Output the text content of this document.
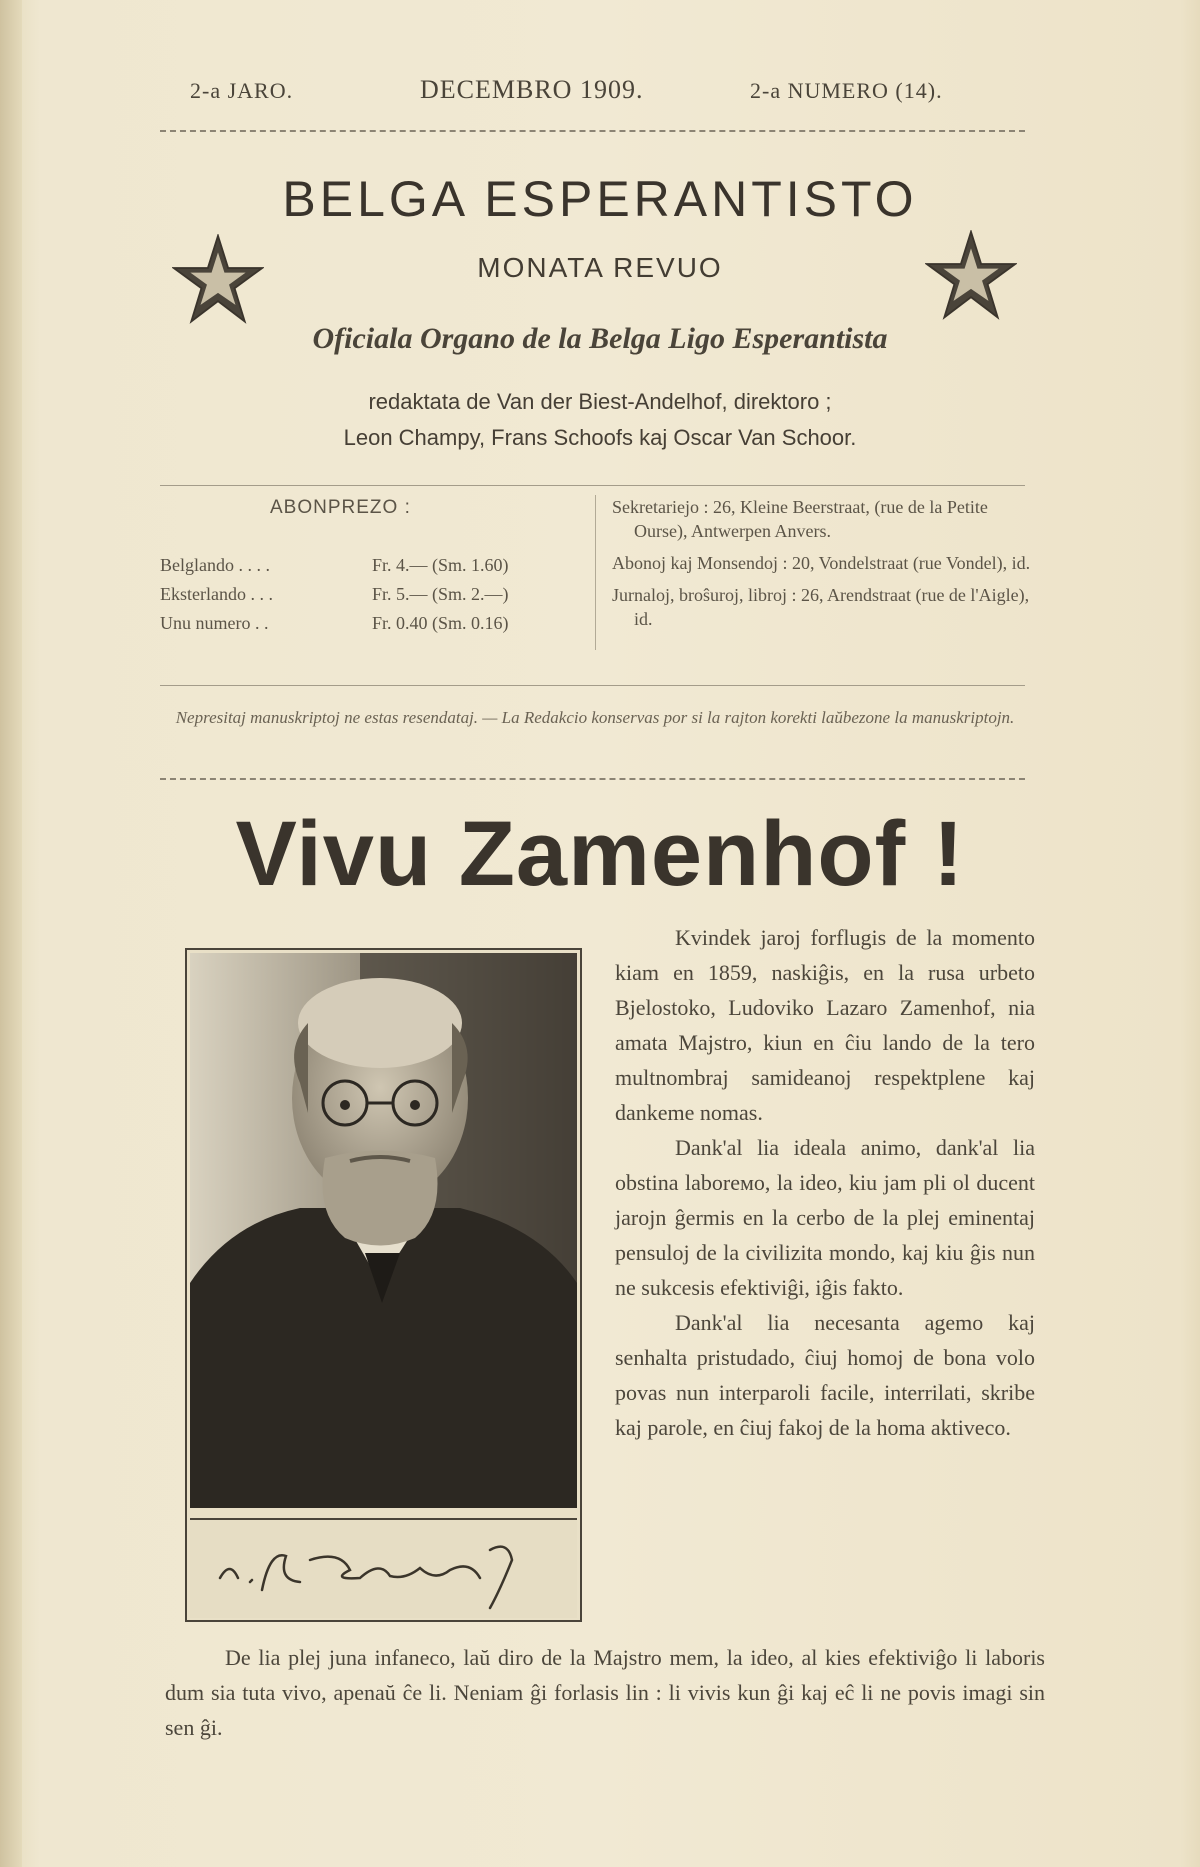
2-a JARO.	DECEMBRO 1909.	2-a NUMERO (14).
BELGA ESPERANTISTO
MONATA REVUO
Oficiala Organo de la Belga Ligo Esperantista
redaktata de Van der Biest-Andelhof, direktoro ;
Leon Champy, Frans Schoofs kaj Oscar Van Schoor.
ABONPREZO :
Belglando . . . .	Fr. 4.— (Sm. 1.60)
Eksterlando . . .	Fr. 5.— (Sm. 2.—)
Unu numero . .	Fr. 0.40 (Sm. 0.16)

Sekretariejo : 26, Kleine Beerstraat, (rue de la Petite Ourse), Antwerpen Anvers.

Abonoj kaj Monsendoj : 20, Vondelstraat (rue Vondel), id.

Jurnaloj, broŝuroj, libroj : 26, Arendstraat (rue de l'Aigle), id.

Nepresitaj manuskriptoj ne estas resendataj. — La Redakcio konservas por si la rajton korekti laŭbezone la manuskriptojn.
Vivu Zamenhof !

Kvindek jaroj forflugis de la momento kiam en 1859, naskiĝis, en la rusa urbeto Bjelostoko, Ludoviko Lazaro Zamenhof, nia amata Majstro, kiun en ĉiu lando de la tero multnombraj samideanoj respektplene kaj dankeme nomas.

Dank'al lia ideala animo, dank'al lia obstina laborемo, la ideo, kiu jam pli ol ducent jarojn ĝermis en la cerbo de la plej eminentaj pensuloj de la civilizita mondo, kaj kiu ĝis nun ne sukcesis efektiviĝi, iĝis fakto.

Dank'al lia necesanta agemo kaj senhalta pristudado, ĉiuj homoj de bona volo povas nun interparoli facile, interrilati, skribe kaj parole, en ĉiuj fakoj de la homa aktiveco.

De lia plej juna infaneco, laŭ diro de la Majstro mem, la ideo, al kies efektiviĝo li laboris dum sia tuta vivo, apenaŭ ĉe li. Neniam ĝi forlasis lin : li vivis kun ĝi kaj eĉ li ne povis imagi sin sen ĝi.
